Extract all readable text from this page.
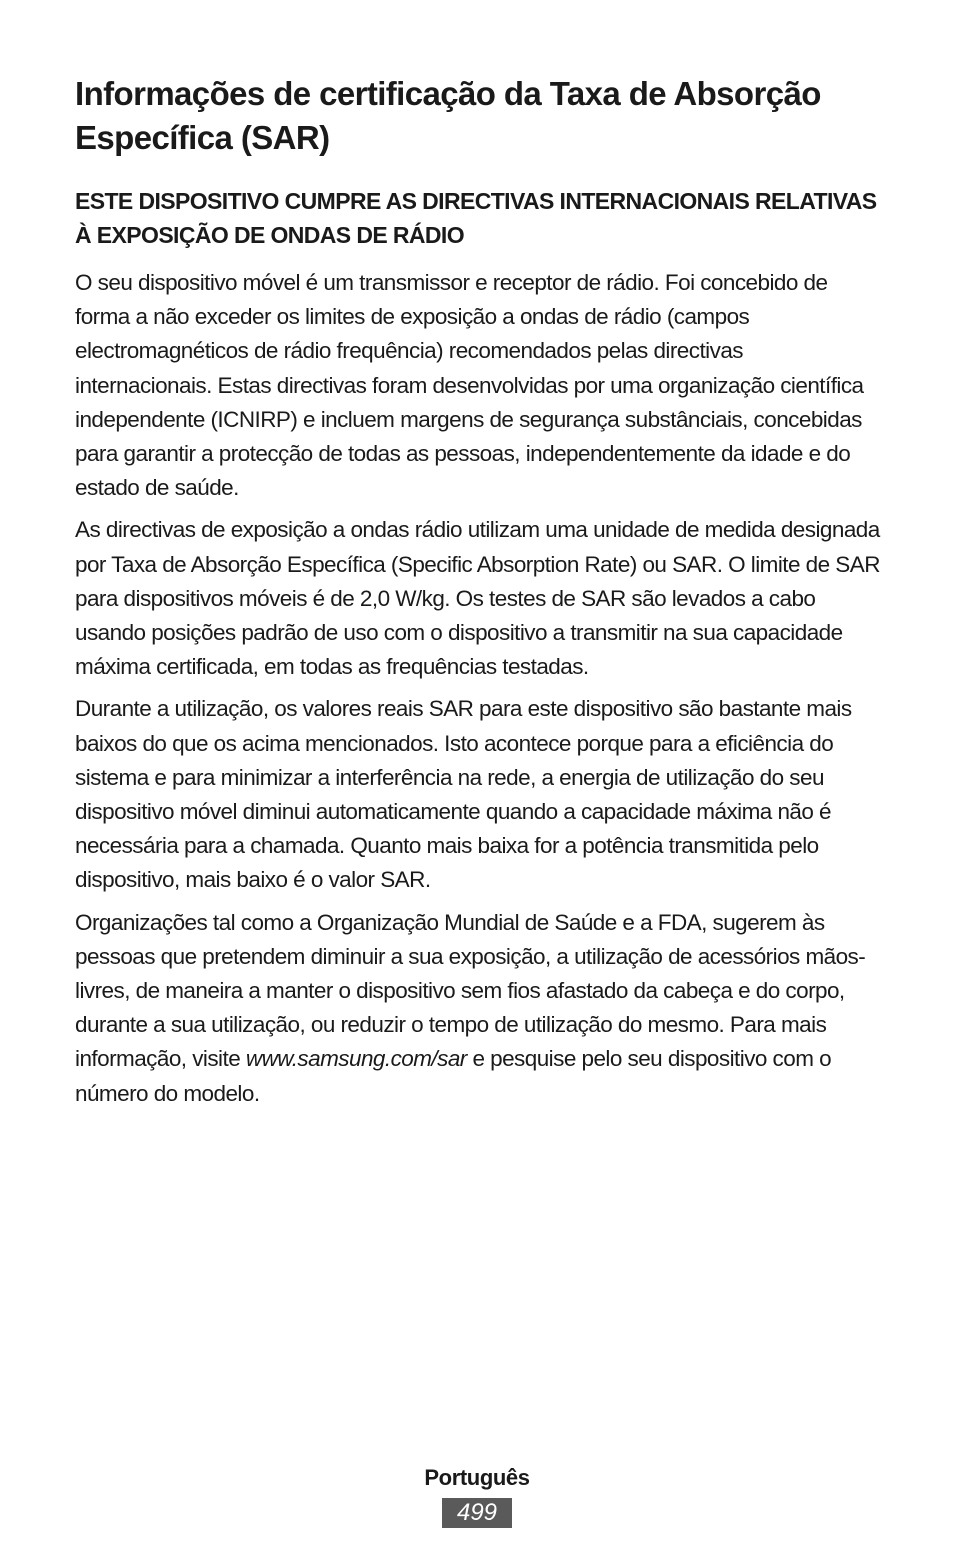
Informações de certificação da Taxa de Absorção Específica (SAR)
ESTE DISPOSITIVO CUMPRE AS DIRECTIVAS INTERNACIONAIS RELATIVAS À EXPOSIÇÃO DE ONDAS DE RÁDIO

O seu dispositivo móvel é um transmissor e receptor de rádio. Foi concebido de forma a não exceder os limites de exposição a ondas de rádio (campos electromagnéticos de rádio frequência) recomendados pelas directivas internacionais. Estas directivas foram desenvolvidas por uma organização científica independente (ICNIRP) e incluem margens de segurança substânciais, concebidas para garantir a protecção de todas as pessoas, independentemente da idade e do estado de saúde.

As directivas de exposição a ondas rádio utilizam uma unidade de medida designada por Taxa de Absorção Específica (Specific Absorption Rate) ou SAR. O limite de SAR para dispositivos móveis é de 2,0 W/kg. Os testes de SAR são levados a cabo usando posições padrão de uso com o dispositivo a transmitir na sua capacidade máxima certificada, em todas as frequências testadas.

Durante a utilização, os valores reais SAR para este dispositivo são bastante mais baixos do que os acima mencionados. Isto acontece porque para a eficiência do sistema e para minimizar a interferência na rede, a energia de utilização do seu dispositivo móvel diminui automaticamente quando a capacidade máxima não é necessária para a chamada. Quanto mais baixa for a potência transmitida pelo dispositivo, mais baixo é o valor SAR.

Organizações tal como a Organização Mundial de Saúde e a FDA, sugerem às pessoas que pretendem diminuir a sua exposição, a utilização de acessórios mãos-livres, de maneira a manter o dispositivo sem fios afastado da cabeça e do corpo, durante a sua utilização, ou reduzir o tempo de utilização do mesmo. Para mais informação, visite www.samsung.com/sar e pesquise pelo seu dispositivo com o número do modelo.

Português
499
